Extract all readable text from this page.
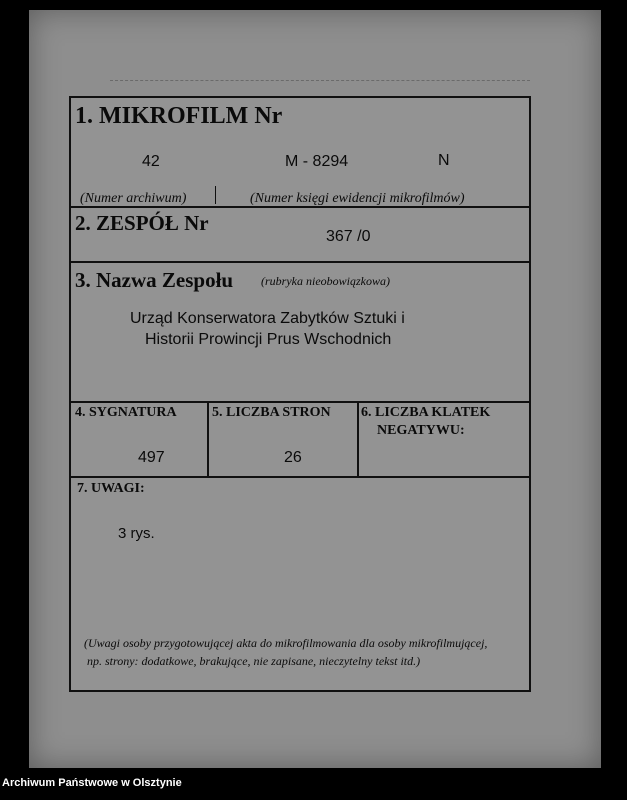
1. MIKROFILM Nr
42	M - 8294	N
(Numer archiwum)	(Numer księgi ewidencji mikrofilmów)
2. ZESPÓŁ Nr
367 /0
3. Nazwa Zespołu (rubryka nieobowiązkowa)
Urząd Konserwatora Zabytków Sztuki i
Historii Prowincji Prus Wschodnich
4. SYGNATURA
497
5. LICZBA STRON
26
6. LICZBA KLATEK
NEGATYWU:
7. UWAGI:
3 rys.
(Uwagi osoby przygotowującej akta do mikrofilmowania dla osoby mikrofilmującej,
np. strony: dodatkowe, brakujące, nie zapisane, nieczytelny tekst itd.)
Archiwum Państwowe w Olsztynie
